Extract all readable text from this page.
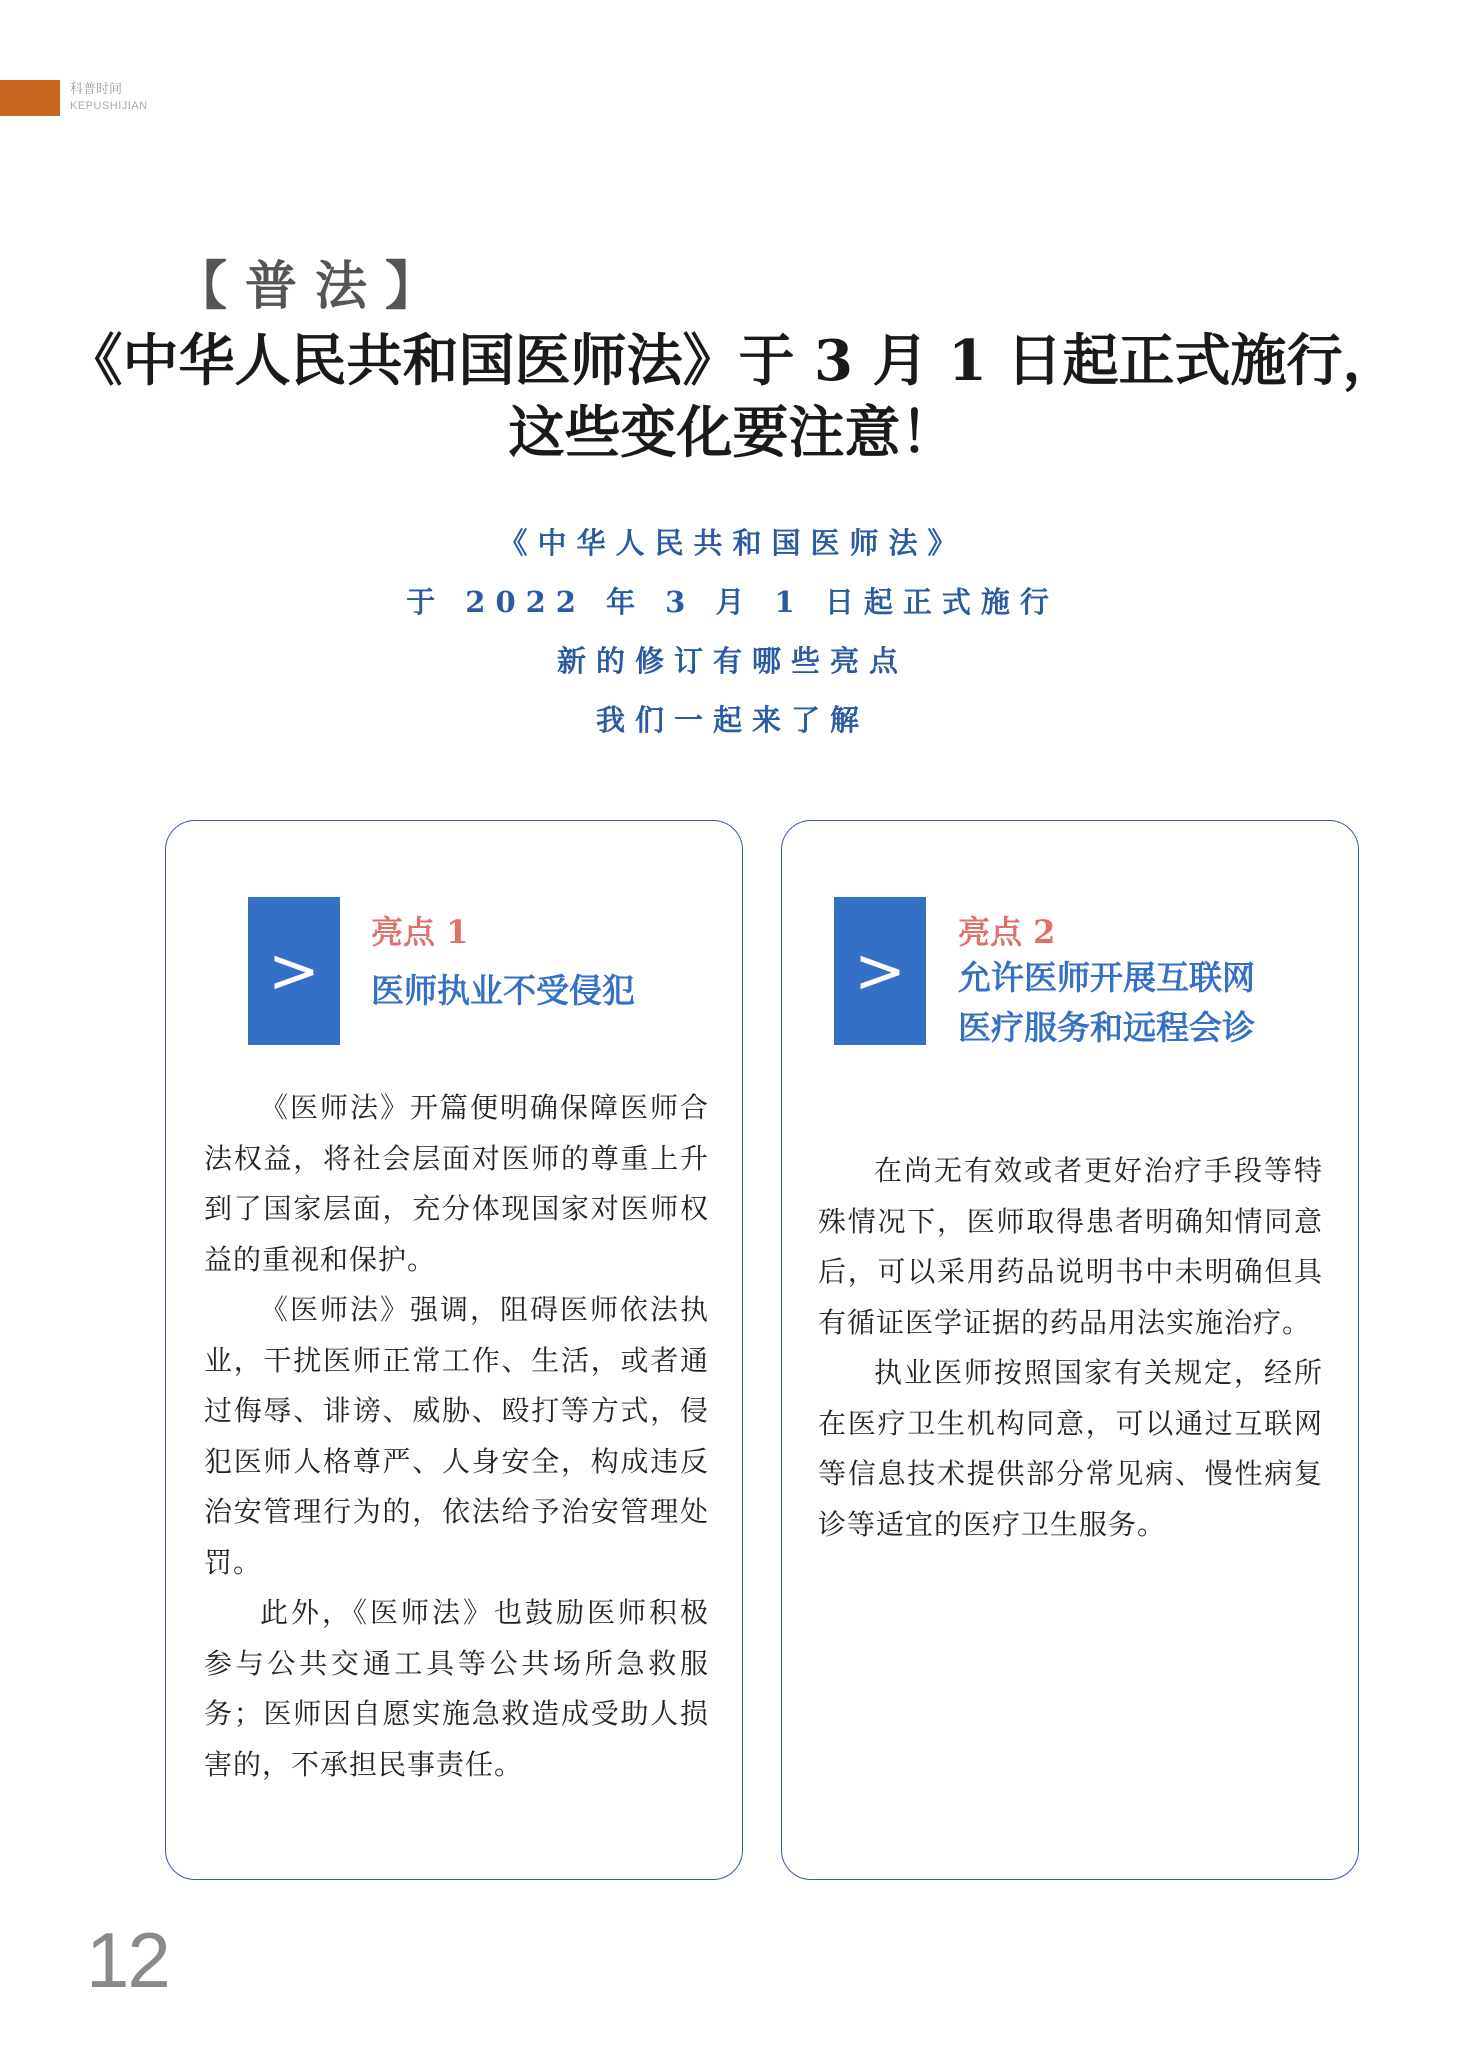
科普时间
KEPUSHIJIAN
【普法】
《中华人民共和国医师法》于 3 月 1 日起正式施行，
这些变化要注意！
《中华人民共和国医师法》
于 2022 年 3 月 1 日起正式施行
新的修订有哪些亮点
我们一起来了解
>
亮点 1
医师执业不受侵犯

《医师法》开篇便明确保障医师合法权益，将社会层面对医师的尊重上升到了国家层面，充分体现国家对医师权益的重视和保护。

《医师法》强调，阻碍医师依法执业，干扰医师正常工作、生活，或者通过侮辱、诽谤、威胁、殴打等方式，侵犯医师人格尊严、人身安全，构成违反治安管理行为的，依法给予治安管理处罚。

此外，《医师法》也鼓励医师积极参与公共交通工具等公共场所急救服务；医师因自愿实施急救造成受助人损害的，不承担民事责任。

>
亮点 2
允许医师开展互联网
医疗服务和远程会诊

在尚无有效或者更好治疗手段等特殊情况下，医师取得患者明确知情同意后，可以采用药品说明书中未明确但具有循证医学证据的药品用法实施治疗。

执业医师按照国家有关规定，经所在医疗卫生机构同意，可以通过互联网等信息技术提供部分常见病、慢性病复诊等适宜的医疗卫生服务。

12
